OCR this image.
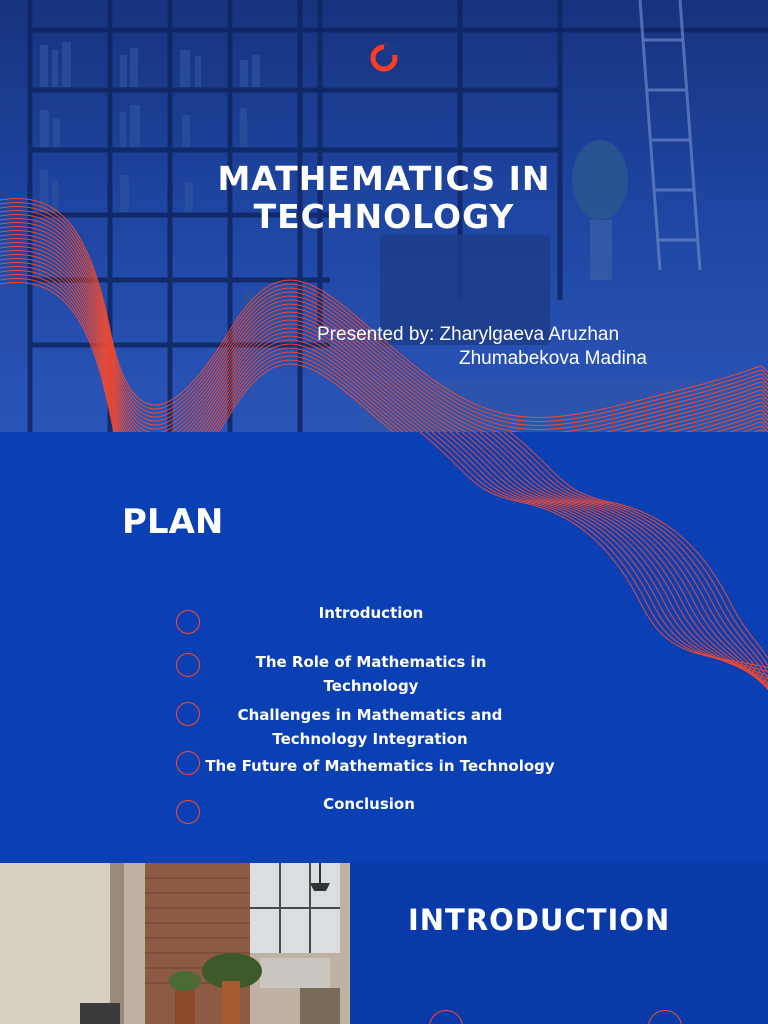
MATHEMATICS IN
TECHNOLOGY
Presented by: Zharylgaeva Aruzhan
Zhumabekova Madina
PLAN
Introduction
The Role of Mathematics in
Technology
Challenges in Mathematics and
Technology Integration
The Future of Mathematics in Technology
Conclusion
INTRODUCTION
